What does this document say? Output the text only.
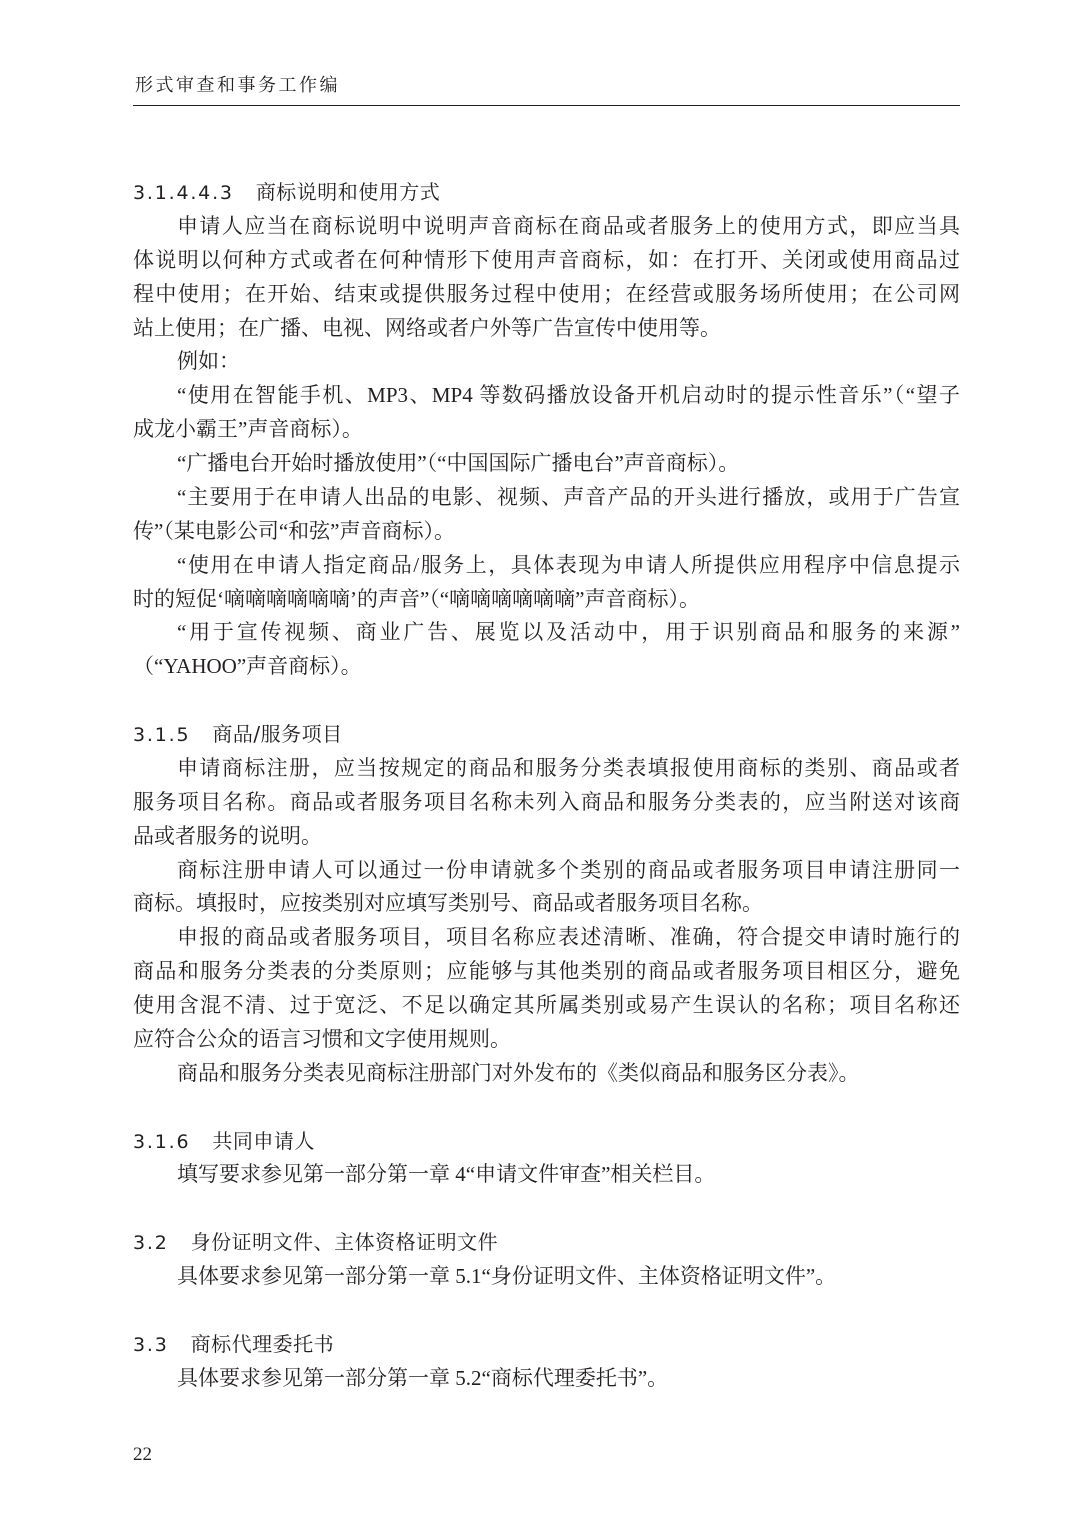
形式审查和事务工作编
3.1.4.4.3 商标说明和使用方式
申请人应当在商标说明中说明声音商标在商品或者服务上的使用方式，即应当具
体说明以何种方式或者在何种情形下使用声音商标，如：在打开、关闭或使用商品过
程中使用；在开始、结束或提供服务过程中使用；在经营或服务场所使用；在公司网
站上使用；在广播、电视、网络或者户外等广告宣传中使用等。
例如：
“使用在智能手机、MP3、MP4 等数码播放设备开机启动时的提示性音乐”（“望子
成龙小霸王”声音商标）。
“广播电台开始时播放使用”（“中国国际广播电台”声音商标）。
“主要用于在申请人出品的电影、视频、声音产品的开头进行播放，或用于广告宣
传”（某电影公司“和弦”声音商标）。
“使用在申请人指定商品/服务上，具体表现为申请人所提供应用程序中信息提示
时的短促‘嘀嘀嘀嘀嘀嘀’的声音”（“嘀嘀嘀嘀嘀嘀”声音商标）。
“用于宣传视频、商业广告、展览以及活动中，用于识别商品和服务的来源”
（“YAHOO”声音商标）。
3.1.5 商品/服务项目
申请商标注册，应当按规定的商品和服务分类表填报使用商标的类别、商品或者
服务项目名称。商品或者服务项目名称未列入商品和服务分类表的，应当附送对该商
品或者服务的说明。
商标注册申请人可以通过一份申请就多个类别的商品或者服务项目申请注册同一
商标。填报时，应按类别对应填写类别号、商品或者服务项目名称。
申报的商品或者服务项目，项目名称应表述清晰、准确，符合提交申请时施行的
商品和服务分类表的分类原则；应能够与其他类别的商品或者服务项目相区分，避免
使用含混不清、过于宽泛、不足以确定其所属类别或易产生误认的名称；项目名称还
应符合公众的语言习惯和文字使用规则。
商品和服务分类表见商标注册部门对外发布的《类似商品和服务区分表》。
3.1.6 共同申请人
填写要求参见第一部分第一章 4“申请文件审查”相关栏目。
3.2 身份证明文件、主体资格证明文件
具体要求参见第一部分第一章 5.1“身份证明文件、主体资格证明文件”。
3.3 商标代理委托书
具体要求参见第一部分第一章 5.2“商标代理委托书”。
22
